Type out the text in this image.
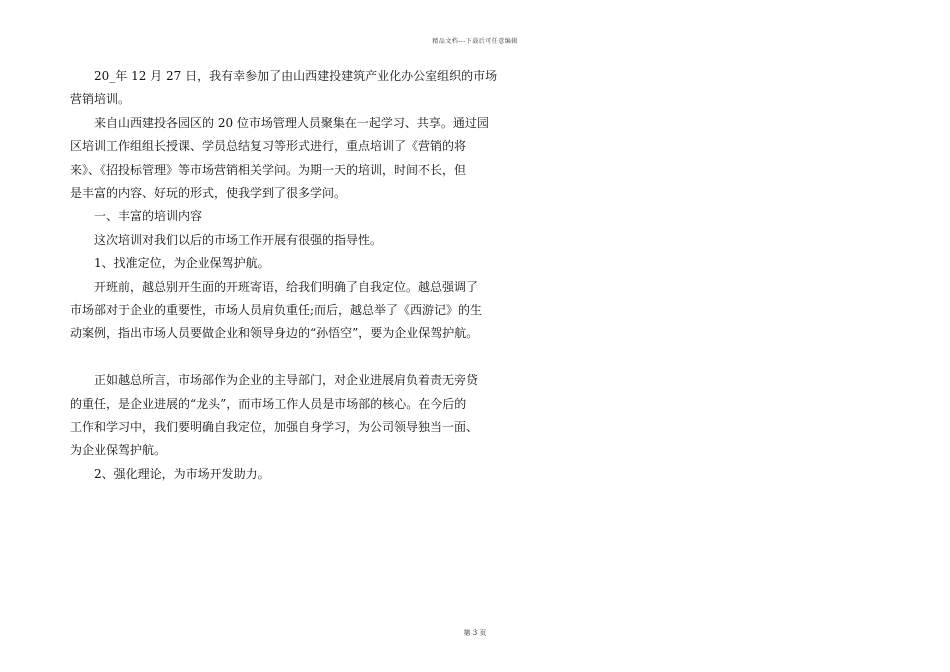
精品文档---下载后可任意编辑

20_年 12 月 27 日，我有幸参加了由山西建投建筑产业化办公室组织的市场

营销培训。

来自山西建投各园区的 20 位市场管理人员聚集在一起学习、共享。通过园

区培训工作组组长授课、学员总结复习等形式进行，重点培训了《营销的将

来》、《招投标管理》等市场营销相关学问。为期一天的培训，时间不长，但

是丰富的内容、好玩的形式，使我学到了很多学问。

一、丰富的培训内容

这次培训对我们以后的市场工作开展有很强的指导性。

1、找准定位，为企业保驾护航。

开班前，越总别开生面的开班寄语，给我们明确了自我定位。越总强调了

市场部对于企业的重要性，市场人员肩负重任;而后，越总举了《西游记》的生

动案例，指出市场人员要做企业和领导身边的“孙悟空”，要为企业保驾护航。

正如越总所言，市场部作为企业的主导部门，对企业进展肩负着责无旁贷

的重任，是企业进展的“龙头”，而市场工作人员是市场部的核心。在今后的

工作和学习中，我们要明确自我定位，加强自身学习，为公司领导独当一面、

为企业保驾护航。

2、强化理论，为市场开发助力。

第 3 页
